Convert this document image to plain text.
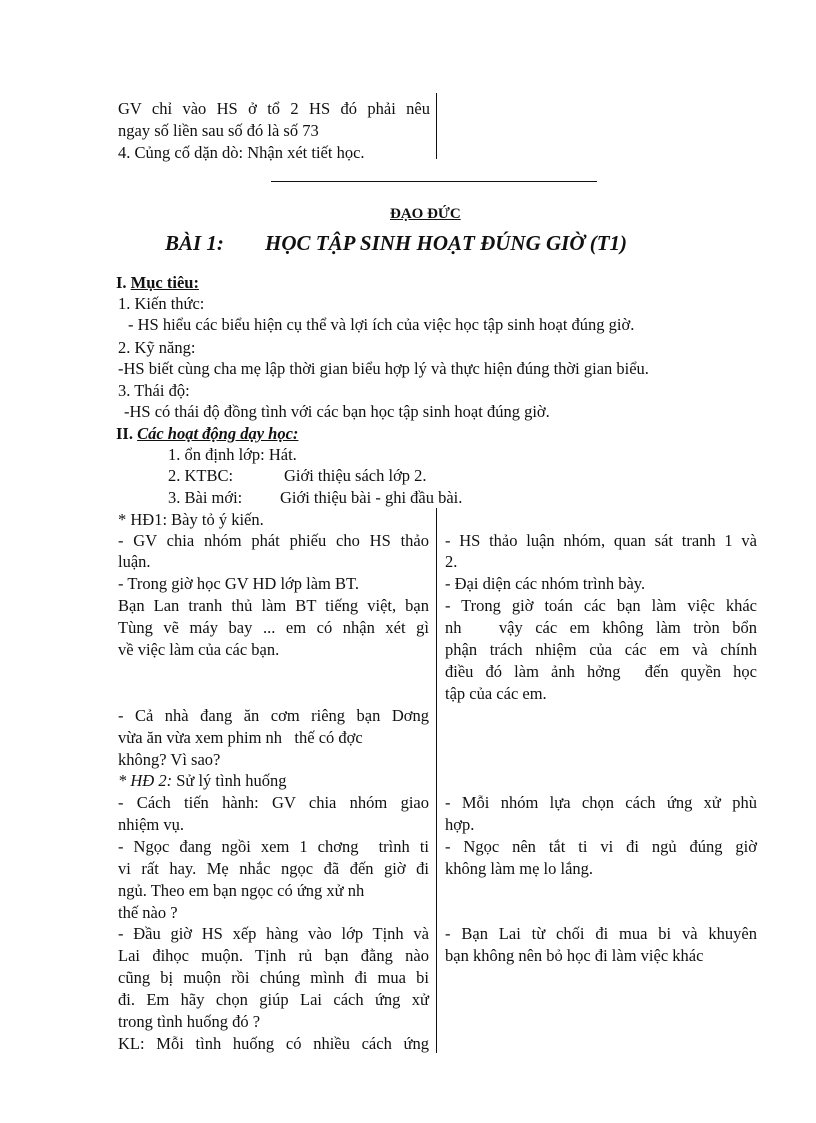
GV chỉ vào HS ở tổ 2 HS đó phải nêu
ngay số liền sau số đó là số 73
4. Củng cố dặn dò: Nhận xét tiết học.
ĐẠO ĐỨC
BÀI 1: HỌC TẬP SINH HOẠT ĐÚNG GIỜ (T1)
I. Mục tiêu:
1. Kiến thức:
- HS hiểu các biểu hiện cụ thể và lợi ích của việc học tập sinh hoạt đúng giờ.
2. Kỹ năng:
-HS biết cùng cha mẹ lập thời gian biểu hợp lý và thực hiện đúng thời gian biểu.
3. Thái độ:
-HS có thái độ đồng tình với các bạn học tập sinh hoạt đúng giờ.
II. Các hoạt động dạy học:
1. ổn định lớp: Hát.
2. KTBC:	Giới thiệu sách lớp 2.
3. Bài mới: Giới thiệu bài - ghi đầu bài.
* HĐ1: Bày tỏ ý kiến.
- GV chia nhóm phát phiếu cho HS thảo
luận.
- Trong giờ học GV HD lớp làm BT.
Bạn Lan tranh thủ làm BT tiếng việt, bạn
Tùng vẽ máy bay ... em có nhận xét gì
về việc làm của các bạn.
- Cả nhà đang ăn cơm riêng bạn Dơng
vừa ăn vừa xem phim nh   thế có đợc
không? Vì sao?
* HĐ 2: Sử lý tình huống
- Cách tiến hành: GV chia nhóm giao
nhiệm vụ.
- Ngọc đang ngồi xem 1 chơng  trình ti
vi rất hay. Mẹ nhắc ngọc đã đến giờ đi
ngủ. Theo em bạn ngọc có ứng xử nh
thế nào ?
- Đầu giờ HS xếp hàng vào lớp Tịnh và
Lai đihọc muộn. Tịnh rủ bạn đằng nào
cũng bị muộn rồi chúng mình đi mua bi
đi. Em hãy chọn giúp Lai cách ứng xử
trong tình huống đó ?
KL: Mỗi tình huống có nhiều cách ứng
- HS thảo luận nhóm, quan sát tranh 1 và
2.
- Đại diện các nhóm trình bày.
- Trong giờ toán các bạn làm việc khác
nh   vậy các em không làm tròn bổn
phận trách nhiệm của các em và chính
điều đó làm ảnh hởng  đến quyền học
tập của các em.
- Mỗi nhóm lựa chọn cách ứng xử phù
hợp.
- Ngọc nên tắt ti vi đi ngủ đúng giờ
không làm mẹ lo lắng.
- Bạn Lai từ chối đi mua bi và khuyên
bạn không nên bỏ học đi làm việc khác
